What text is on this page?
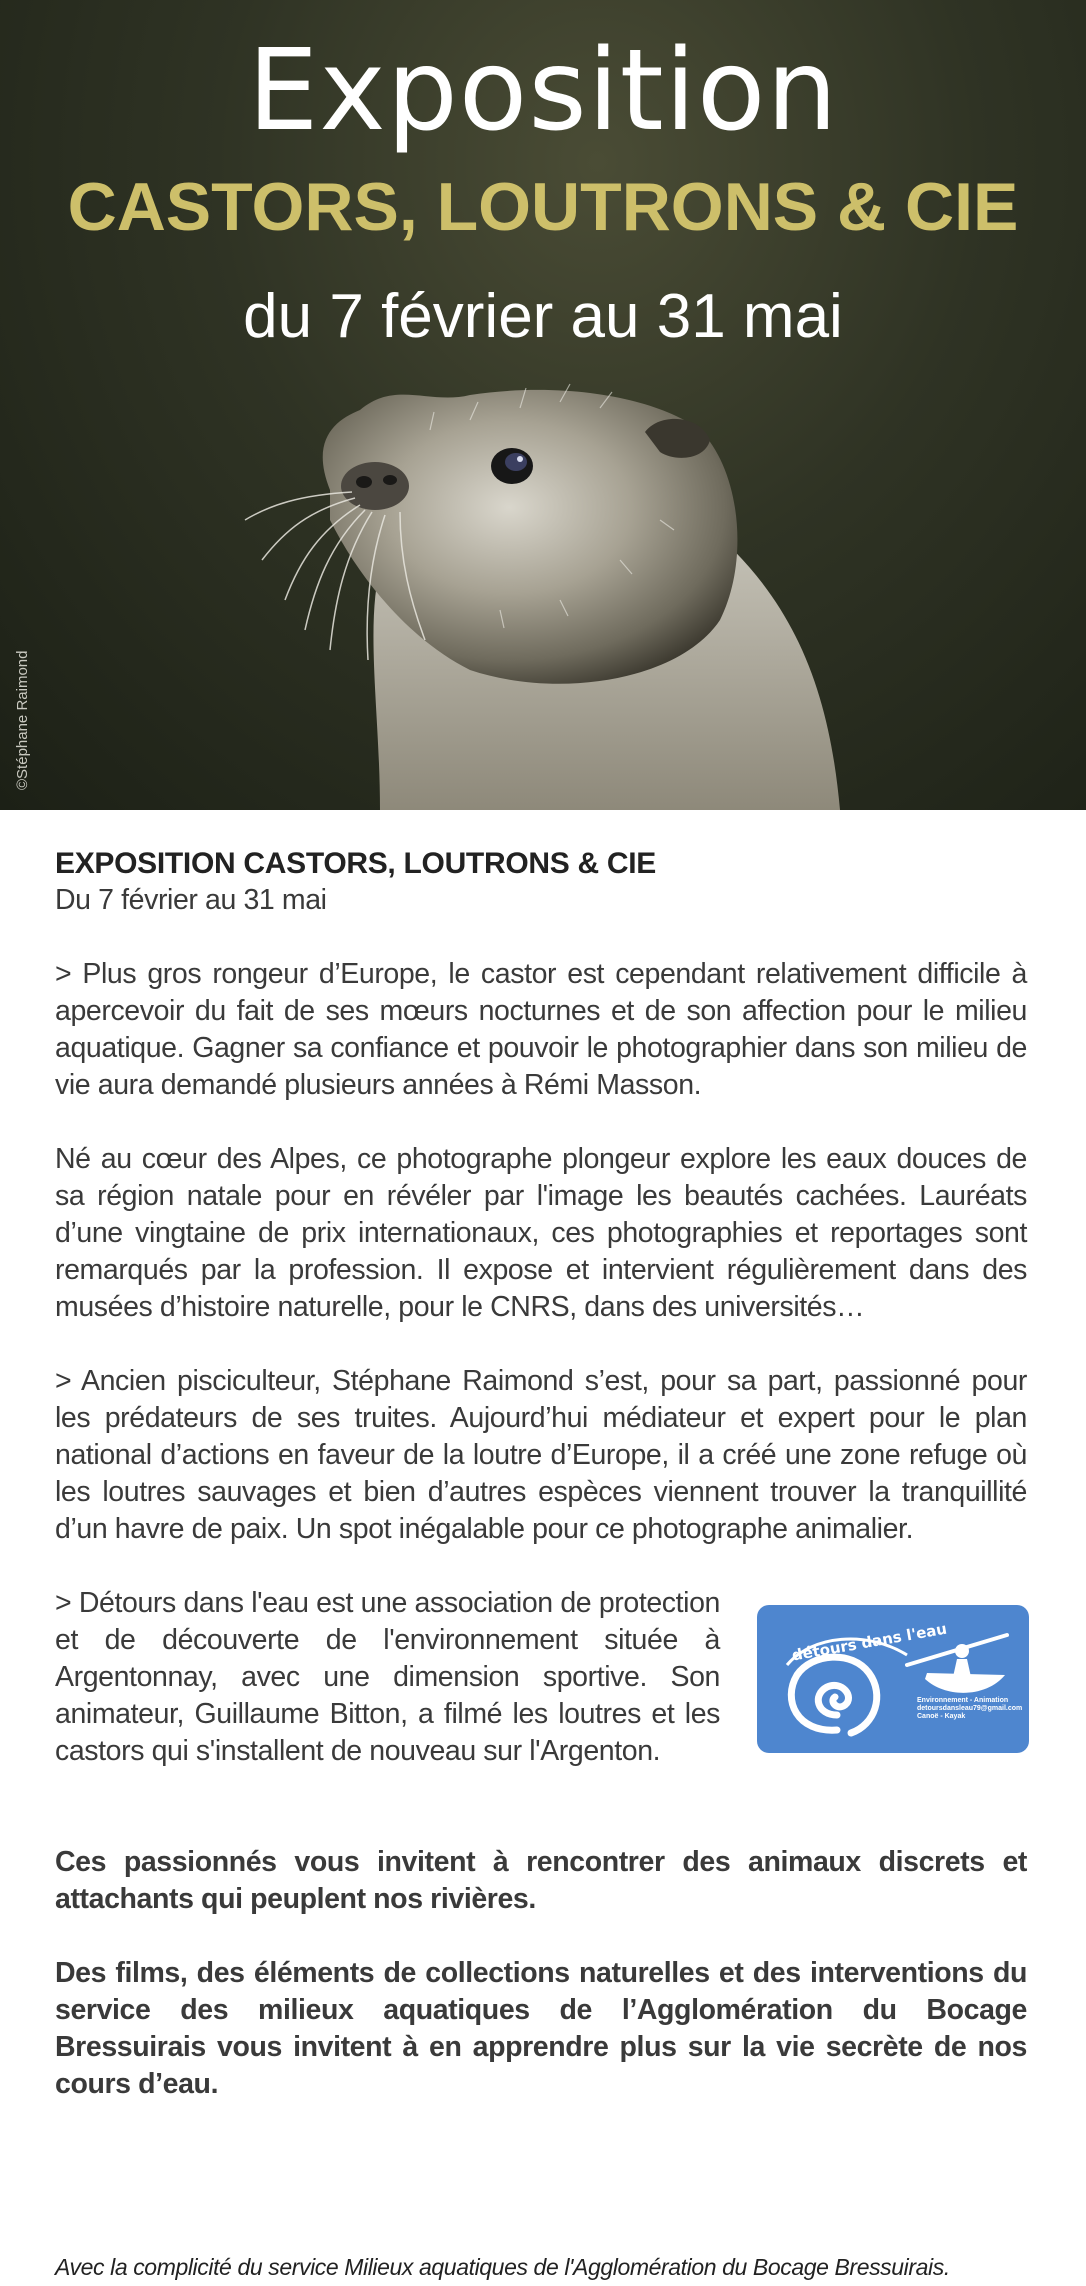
Exposition
CASTORS, LOUTRONS & CIE
du 7 février au 31 mai
©Stéphane Raimond

EXPOSITION CASTORS, LOUTRONS & CIE

Du 7 février au 31 mai

> Plus gros rongeur d’Europe, le castor est cependant relativement difficile à apercevoir du fait de ses mœurs nocturnes et de son affection pour le milieu aquatique. Gagner sa confiance et pouvoir le photographier dans son milieu de vie aura demandé plusieurs années à Rémi Masson.

Né au cœur des Alpes, ce photographe plongeur explore les eaux douces de sa région natale pour en révéler par l'image les beautés cachées. Lauréats d’une vingtaine de prix internationaux, ces photographies et reportages sont remarqués par la profession. Il expose et intervient régulièrement dans des musées d’histoire naturelle, pour le CNRS, dans des universités…

> Ancien pisciculteur, Stéphane Raimond s’est, pour sa part, passionné pour les prédateurs de ses truites. Aujourd’hui médiateur et expert pour le plan national d’actions en faveur de la loutre d’Europe, il a créé une zone refuge où les loutres sauvages et bien d’autres espèces viennent trouver la tranquillité d’un havre de paix. Un spot inégalable pour ce photographe animalier.

> Détours dans l'eau est une association de protection et de découverte de l'environnement située à Argentonnay, avec une dimension sportive. Son animateur, Guillaume Bitton, a filmé les loutres et les castors qui s'installent de nouveau sur l'Argenton.

détours dans l'eau
Environnement - Animation
detoursdansleau79@gmail.com
Canoë - Kayak

Ces passionnés vous invitent à rencontrer des animaux discrets et attachants qui peuplent nos rivières.

Des films, des éléments de collections naturelles et des interventions du service des milieux aquatiques de l’Agglomération du Bocage Bressuirais vous invitent à en apprendre plus sur la vie secrète de nos cours d’eau.

Avec la complicité du service Milieux aquatiques de l'Agglomération du Bocage Bressuirais.
